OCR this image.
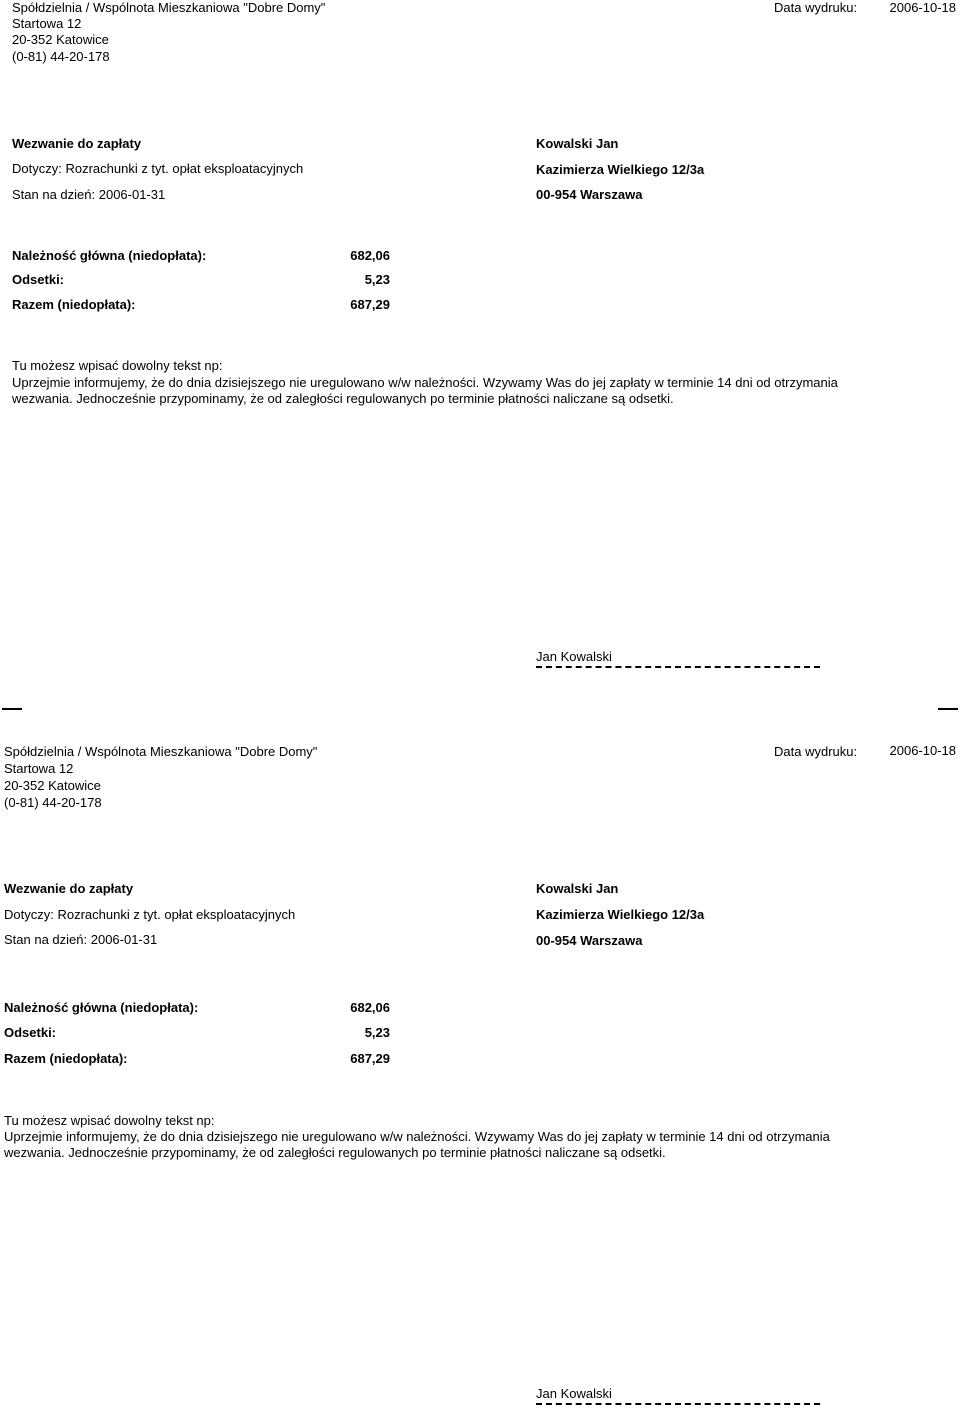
Spółdzielnia / Wspólnota Mieszkaniowa "Dobre Domy"
Startowa 12
20-352 Katowice
(0-81) 44-20-178
Data wydruku: 2006-10-18
Wezwanie do zapłaty
Dotyczy: Rozrachunki z tyt. opłat eksploatacyjnych
Stan na dzień: 2006-01-31
Kowalski Jan
Kazimierza Wielkiego 12/3a
00-954 Warszawa
Należność główna (niedopłata):	682,06
Odsetki:	5,23
Razem (niedopłata):	687,29
Tu możesz wpisać dowolny tekst np:
Uprzejmie informujemy, że do dnia dzisiejszego nie uregulowano w/w należności. Wzywamy Was do jej zapłaty w terminie 14 dni od otrzymania
wezwania. Jednocześnie przypominamy, że od zaległości regulowanych po terminie płatności naliczane są odsetki.
Jan Kowalski
Spółdzielnia / Wspólnota Mieszkaniowa "Dobre Domy"
Startowa 12
20-352 Katowice
(0-81) 44-20-178
Data wydruku: 2006-10-18
Wezwanie do zapłaty
Dotyczy: Rozrachunki z tyt. opłat eksploatacyjnych
Stan na dzień: 2006-01-31
Kowalski Jan
Kazimierza Wielkiego 12/3a
00-954 Warszawa
Należność główna (niedopłata):	682,06
Odsetki:	5,23
Razem (niedopłata):	687,29
Tu możesz wpisać dowolny tekst np:
Uprzejmie informujemy, że do dnia dzisiejszego nie uregulowano w/w należności. Wzywamy Was do jej zapłaty w terminie 14 dni od otrzymania
wezwania. Jednocześnie przypominamy, że od zaległości regulowanych po terminie płatności naliczane są odsetki.
Jan Kowalski
